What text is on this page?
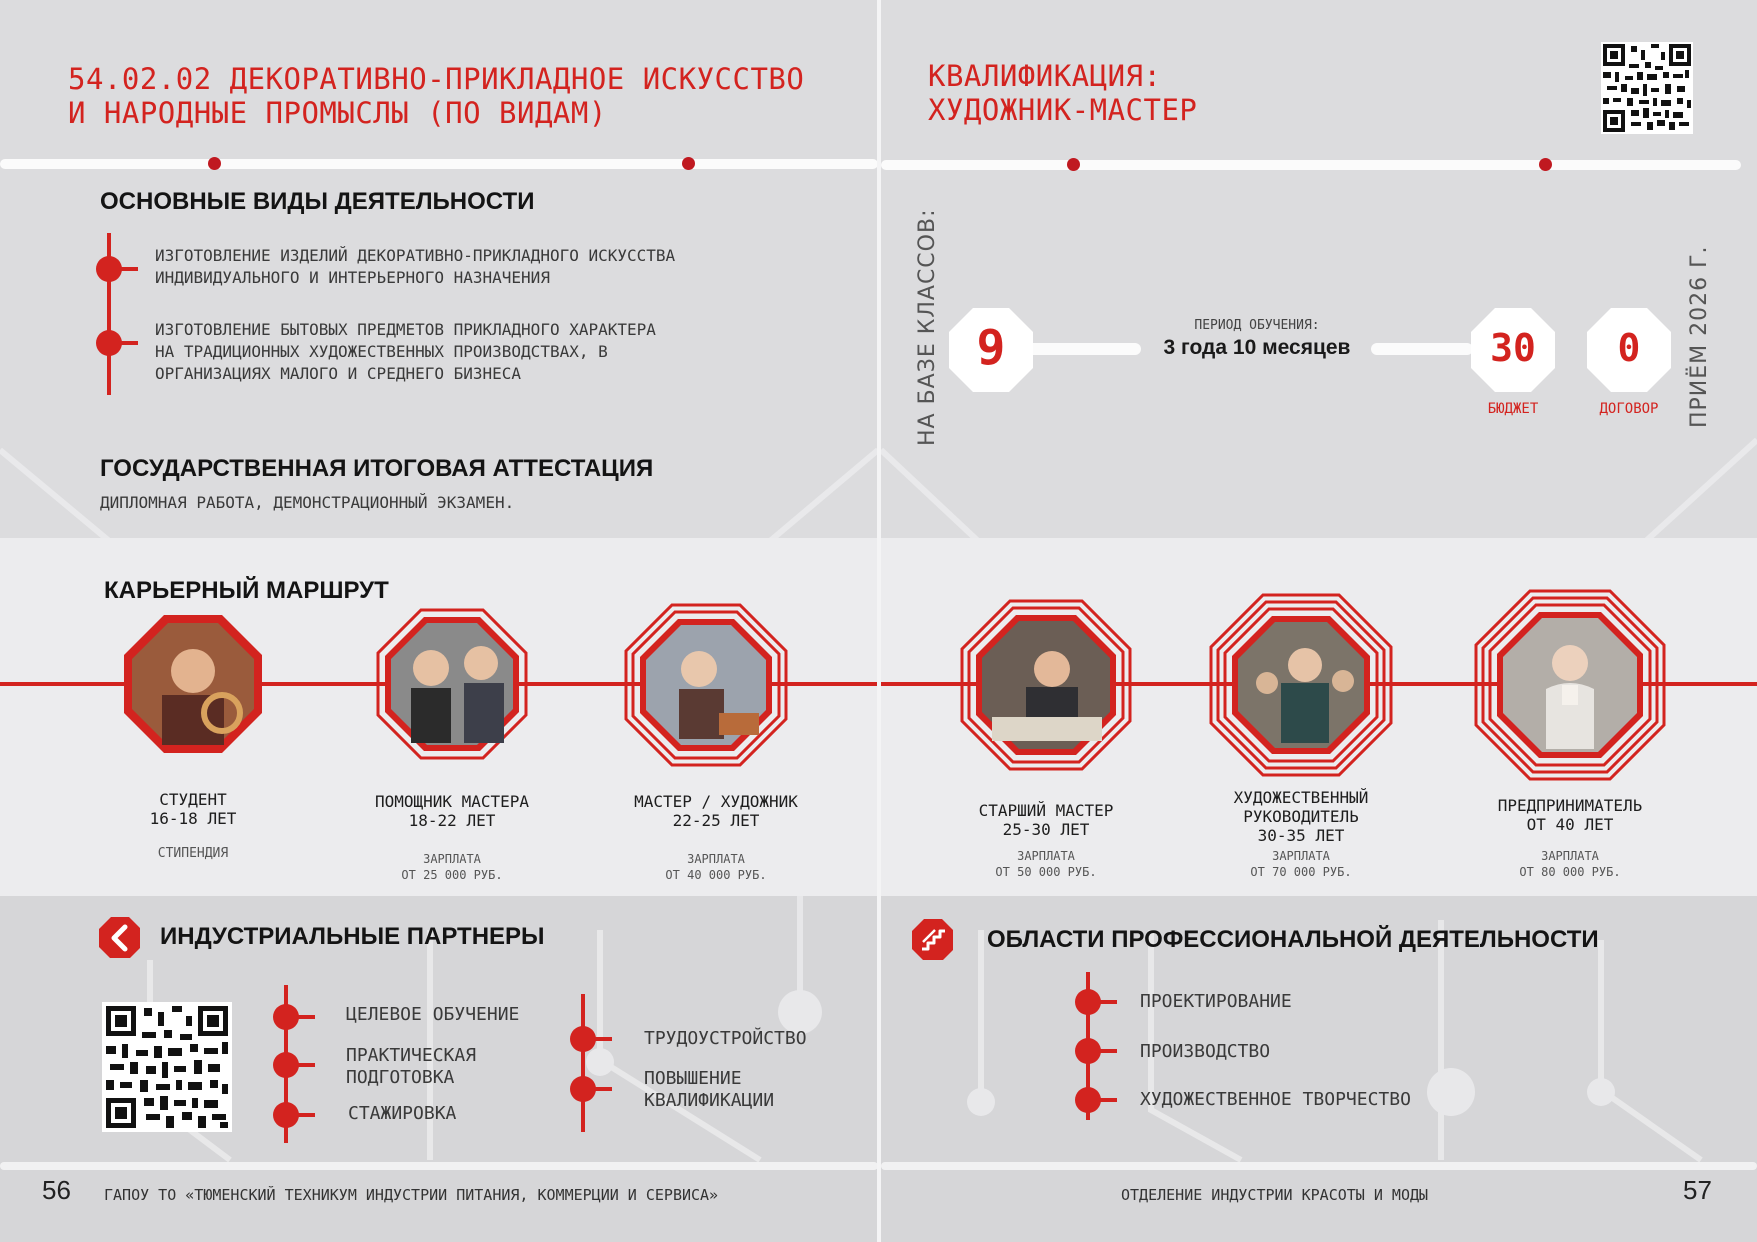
54.02.02 ДЕКОРАТИВНО-ПРИКЛАДНОЕ ИСКУССТВО
И НАРОДНЫЕ ПРОМЫСЛЫ (ПО ВИДАМ)
ОСНОВНЫЕ ВИДЫ ДЕЯТЕЛЬНОСТИ
ИЗГОТОВЛЕНИЕ ИЗДЕЛИЙ ДЕКОРАТИВНО-ПРИКЛАДНОГО ИСКУССТВА
ИНДИВИДУАЛЬНОГО И ИНТЕРЬЕРНОГО НАЗНАЧЕНИЯ
ИЗГОТОВЛЕНИЕ БЫТОВЫХ ПРЕДМЕТОВ ПРИКЛАДНОГО ХАРАКТЕРА
НА ТРАДИЦИОННЫХ ХУДОЖЕСТВЕННЫХ ПРОИЗВОДСТВАХ, В
ОРГАНИЗАЦИЯХ МАЛОГО И СРЕДНЕГО БИЗНЕСА
ГОСУДАРСТВЕННАЯ ИТОГОВАЯ АТТЕСТАЦИЯ
ДИПЛОМНАЯ РАБОТА, ДЕМОНСТРАЦИОННЫЙ ЭКЗАМЕН.
КАРЬЕРНЫЙ МАРШРУТ
СТУДЕНТ
16-18 ЛЕТ
СТИПЕНДИЯ
ПОМОЩНИК МАСТЕРА
18-22 ЛЕТ
ЗАРПЛАТА
ОТ 25 000 РУБ.
МАСТЕР / ХУДОЖНИК
22-25 ЛЕТ
ЗАРПЛАТА
ОТ 40 000 РУБ.
ИНДУСТРИАЛЬНЫЕ ПАРТНЕРЫ
ЦЕЛЕВОЕ ОБУЧЕНИЕ
ПРАКТИЧЕСКАЯ
ПОДГОТОВКА
СТАЖИРОВКА
ТРУДОУСТРОЙСТВО
ПОВЫШЕНИЕ
КВАЛИФИКАЦИИ
56 ГАПОУ ТО «ТЮМЕНСКИЙ ТЕХНИКУМ ИНДУСТРИИ ПИТАНИЯ, КОММЕРЦИИ И СЕРВИСА»
КВАЛИФИКАЦИЯ:
ХУДОЖНИК-МАСТЕР
НА БАЗЕ КЛАССОВ:	ПРИЁМ 2026 Г.
9	ПЕРИОД ОБУЧЕНИЯ:
3 года 10 месяцев	30
БЮДЖЕТ
0
ДОГОВОР
СТАРШИЙ МАСТЕР
25-30 ЛЕТ
ЗАРПЛАТА
ОТ 50 000 РУБ.
ХУДОЖЕСТВЕННЫЙ
РУКОВОДИТЕЛЬ
30-35 ЛЕТ
ЗАРПЛАТА
ОТ 70 000 РУБ.
ПРЕДПРИНИМАТЕЛЬ
ОТ 40 ЛЕТ
ЗАРПЛАТА
ОТ 80 000 РУБ.
ОБЛАСТИ ПРОФЕССИОНАЛЬНОЙ ДЕЯТЕЛЬНОСТИ
ПРОЕКТИРОВАНИЕ
ПРОИЗВОДСТВО
ХУДОЖЕСТВЕННОЕ ТВОРЧЕСТВО
ОТДЕЛЕНИЕ ИНДУСТРИИ КРАСОТЫ И МОДЫ	57
